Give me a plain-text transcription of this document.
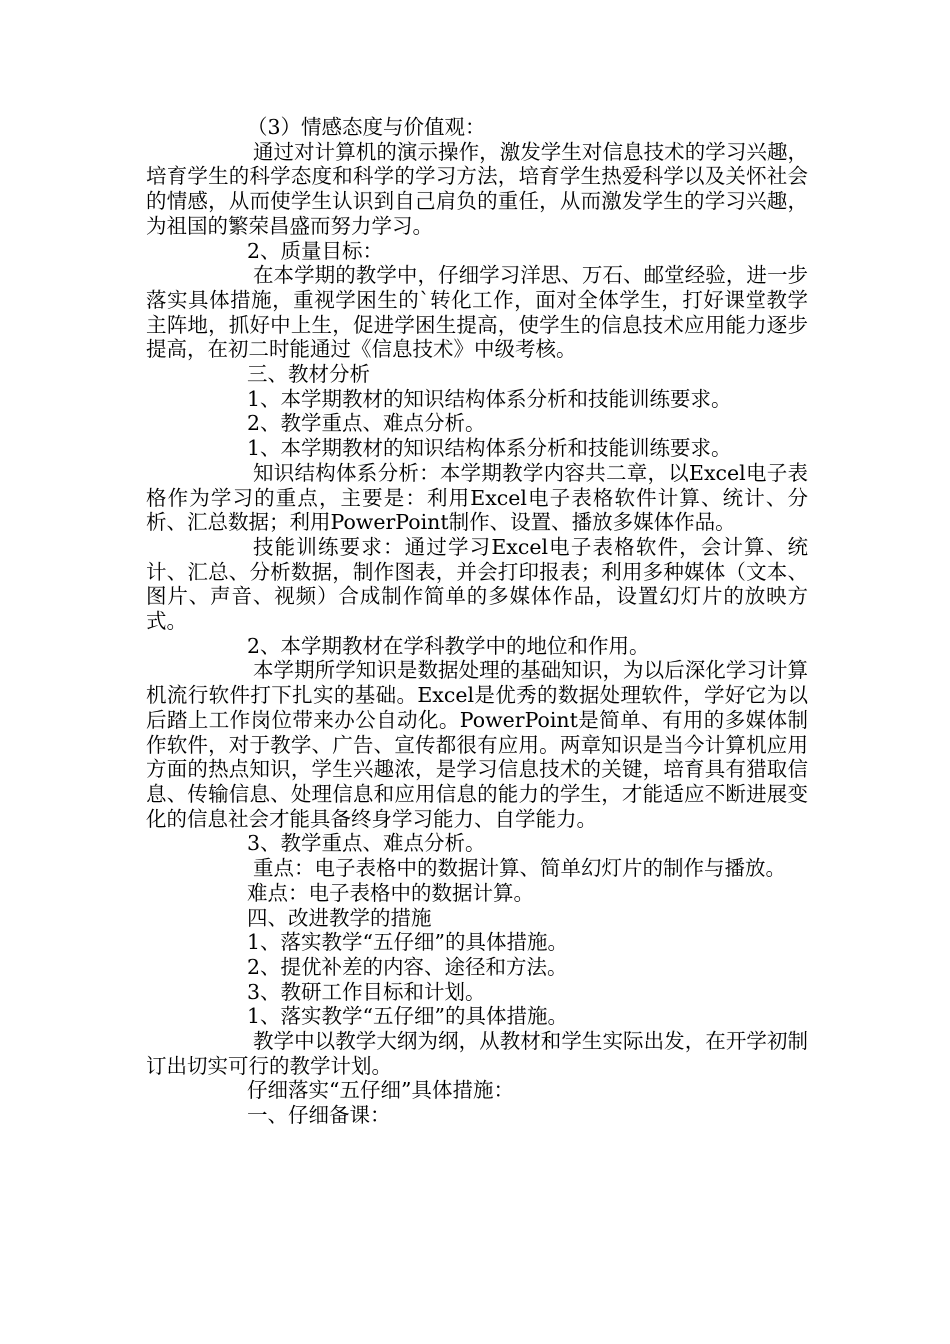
（3）情感态度与价值观：

通过对计算机的演示操作，激发学生对信息技术的学习兴趣，培育学生的科学态度和科学的学习方法，培育学生热爱科学以及关怀社会的情感，从而使学生认识到自己肩负的重任，从而激发学生的学习兴趣，为祖国的繁荣昌盛而努力学习。

2、质量目标：

在本学期的教学中，仔细学习洋思、万石、邮堂经验，进一步落实具体措施，重视学困生的`转化工作，面对全体学生，打好课堂教学主阵地，抓好中上生，促进学困生提高，使学生的信息技术应用能力逐步提高，在初二时能通过《信息技术》中级考核。

三、教材分析

1、本学期教材的知识结构体系分析和技能训练要求。

2、教学重点、难点分析。

1、本学期教材的知识结构体系分析和技能训练要求。

知识结构体系分析：本学期教学内容共二章，以Excel电子表格作为学习的重点，主要是：利用Excel电子表格软件计算、统计、分析、汇总数据；利用PowerPoint制作、设置、播放多媒体作品。

技能训练要求：通过学习Excel电子表格软件，会计算、统计、汇总、分析数据，制作图表，并会打印报表；利用多种媒体（文本、图片、声音、视频）合成制作简单的多媒体作品，设置幻灯片的放映方式。

2、本学期教材在学科教学中的地位和作用。

本学期所学知识是数据处理的基础知识，为以后深化学习计算机流行软件打下扎实的基础。Excel是优秀的数据处理软件，学好它为以后踏上工作岗位带来办公自动化。PowerPoint是简单、有用的多媒体制作软件，对于教学、广告、宣传都很有应用。两章知识是当今计算机应用方面的热点知识，学生兴趣浓，是学习信息技术的关键，培育具有猎取信息、传输信息、处理信息和应用信息的能力的学生，才能适应不断进展变化的信息社会才能具备终身学习能力、自学能力。

3、教学重点、难点分析。

重点：电子表格中的数据计算、简单幻灯片的制作与播放。

难点：电子表格中的数据计算。

四、改进教学的措施

1、落实教学“五仔细”的具体措施。

2、提优补差的内容、途径和方法。

3、教研工作目标和计划。

1、落实教学“五仔细”的具体措施。

教学中以教学大纲为纲，从教材和学生实际出发，在开学初制订出切实可行的教学计划。

仔细落实“五仔细”具体措施：

一、仔细备课：
